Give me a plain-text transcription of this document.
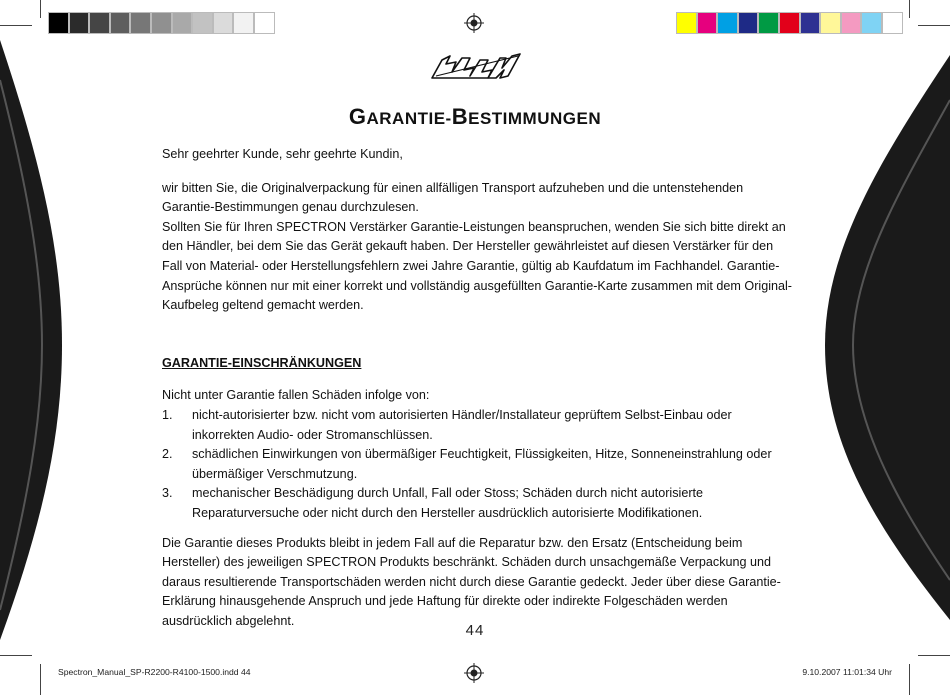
GARANTIE-BESTIMMUNGEN

Sehr geehrter Kunde, sehr geehrte Kundin,

wir bitten Sie, die Originalverpackung für einen allfälligen Transport aufzuheben und die untenstehenden Garantie-Bestimmungen genau durchzulesen.

Sollten Sie für Ihren SPECTRON Verstärker Garantie-Leistungen beanspruchen, wenden Sie sich bitte direkt an den Händler, bei dem Sie das Gerät gekauft haben. Der Hersteller gewährleistet auf diesen Verstärker für den Fall von Material- oder Herstellungsfehlern zwei Jahre Garantie, gültig ab Kaufdatum im Fachhandel. Garantie-Ansprüche können nur mit einer korrekt und vollständig ausgefüllten Garantie-Karte zusammen mit dem Original-Kaufbeleg geltend gemacht werden.

GARANTIE-EINSCHRÄNKUNGEN

Nicht unter Garantie fallen Schäden infolge von:

1. nicht-autorisierter bzw. nicht vom autorisierten Händler/Installateur geprüftem Selbst-Einbau oder inkorrekten Audio- oder Stromanschlüssen.
2. schädlichen Einwirkungen von übermäßiger Feuchtigkeit, Flüssigkeiten, Hitze, Sonneneinstrahlung oder übermäßiger Verschmutzung.
3. mechanischer Beschädigung durch Unfall, Fall oder Stoss; Schäden durch nicht autorisierte Reparaturversuche oder nicht durch den Hersteller ausdrücklich autorisierte Modifikationen.

Die Garantie dieses Produkts bleibt in jedem Fall auf die Reparatur bzw. den Ersatz (Entscheidung beim Hersteller) des jeweiligen SPECTRON Produkts beschränkt. Schäden durch unsachgemäße Verpackung und daraus resultierende Transportschäden werden nicht durch diese Garantie gedeckt. Jeder über diese Garantie-Erklärung hinausgehende Anspruch und jede Haftung für direkte oder indirekte Folgeschäden werden ausdrücklich abgelehnt.

44
Spectron_Manual_SP-R2200-R4100-1500.indd 44	9.10.2007 11:01:34 Uhr
